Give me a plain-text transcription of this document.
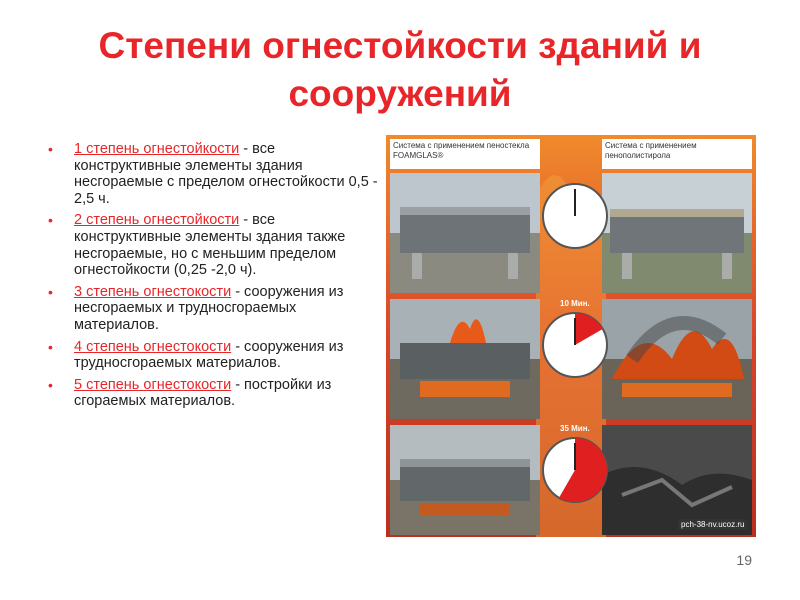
Степени огнестойкости зданий и сооружений
• 1 степень огнестойкости - все конструктивные элементы здания несгораемые с пределом огнестойкости 0,5 - 2,5 ч.
• 2 степень огнестойкости - все конструктивные элементы здания также несгораемые, но с меньшим пределом огнестойкости (0,25 -2,0 ч).
• 3 степень огнестокости - сооружения из несгораемых и трудносгораемых материалов.
• 4 степень огнестокости - сооружения из трудносгораемых материалов.
• 5 степень огнестокости - постройки из сгораемых материалов.
Система с применением пеностекла FOAMGLAS®
Система с применением пенополистирола
10 Мин.
35 Мин.
pch-38-nv.ucoz.ru
19
